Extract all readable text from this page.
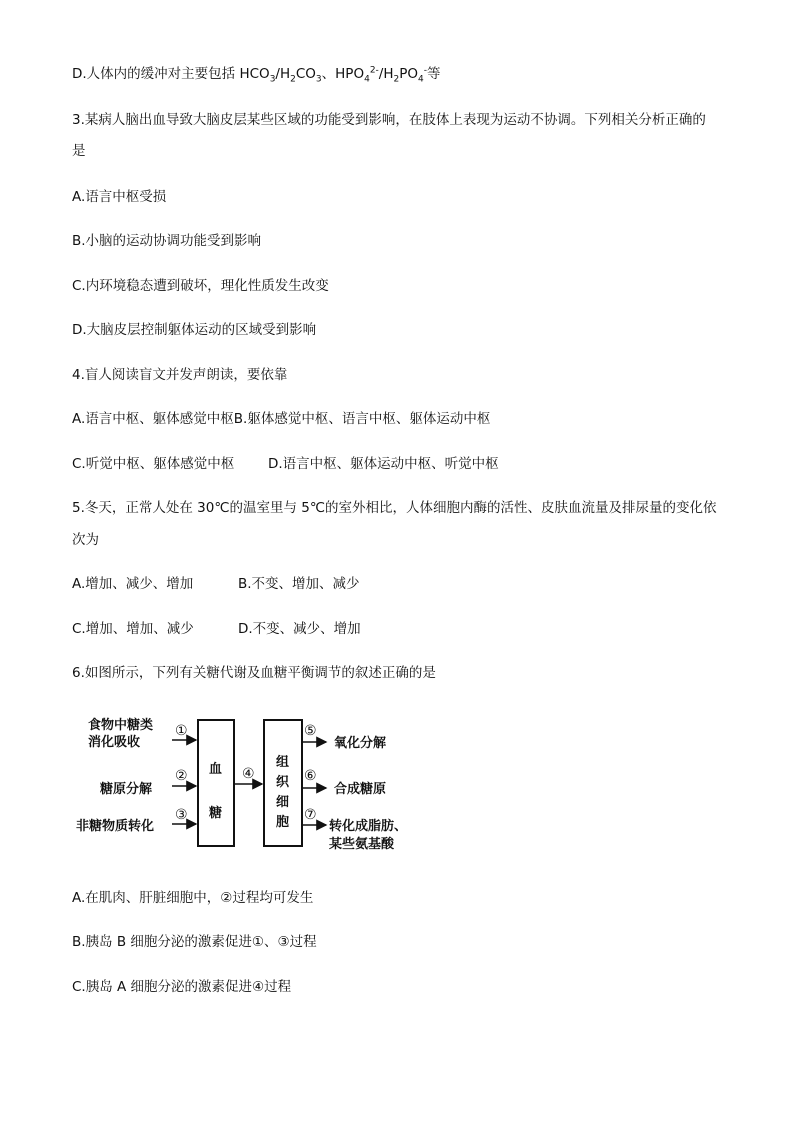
D.人体内的缓冲对主要包括 $HCO_3/H_2CO_3$、$HPO_4^{2-}/H_2PO_4^-$等
3.某病人脑出血导致大脑皮层某些区域的功能受到影响，在肢体上表现为运动不协调。下列相关分析正确的
是
A.语言中枢受损
B.小脑的运动协调功能受到影响
C.内环境稳态遭到破坏，理化性质发生改变
D.大脑皮层控制躯体运动的区域受到影响
4.盲人阅读盲文并发声朗读，要依靠
A.语言中枢、躯体感觉中枢B.躯体感觉中枢、语言中枢、躯体运动中枢
C.听觉中枢、躯体感觉中枢	D.语言中枢、躯体运动中枢、听觉中枢
5.冬天，正常人处在 30℃的温室里与 5℃的室外相比，人体细胞内酶的活性、皮肤血流量及排尿量的变化依
次为
A.增加、减少、增加	B.不变、增加、减少
C.增加、增加、减少	D.不变、减少、增加
6.如图所示，下列有关糖代谢及血糖平衡调节的叙述正确的是
食物中糖类
消化吸收
糖原分解
非糖物质转化
①
②
③
血
糖
④
组
织
细
胞
⑤
⑥
⑦
氧化分解
合成糖原
转化成脂肪、
某些氨基酸
A.在肌肉、肝脏细胞中，②过程均可发生
B.胰岛 B 细胞分泌的激素促进①、③过程
C.胰岛 A 细胞分泌的激素促进④过程
